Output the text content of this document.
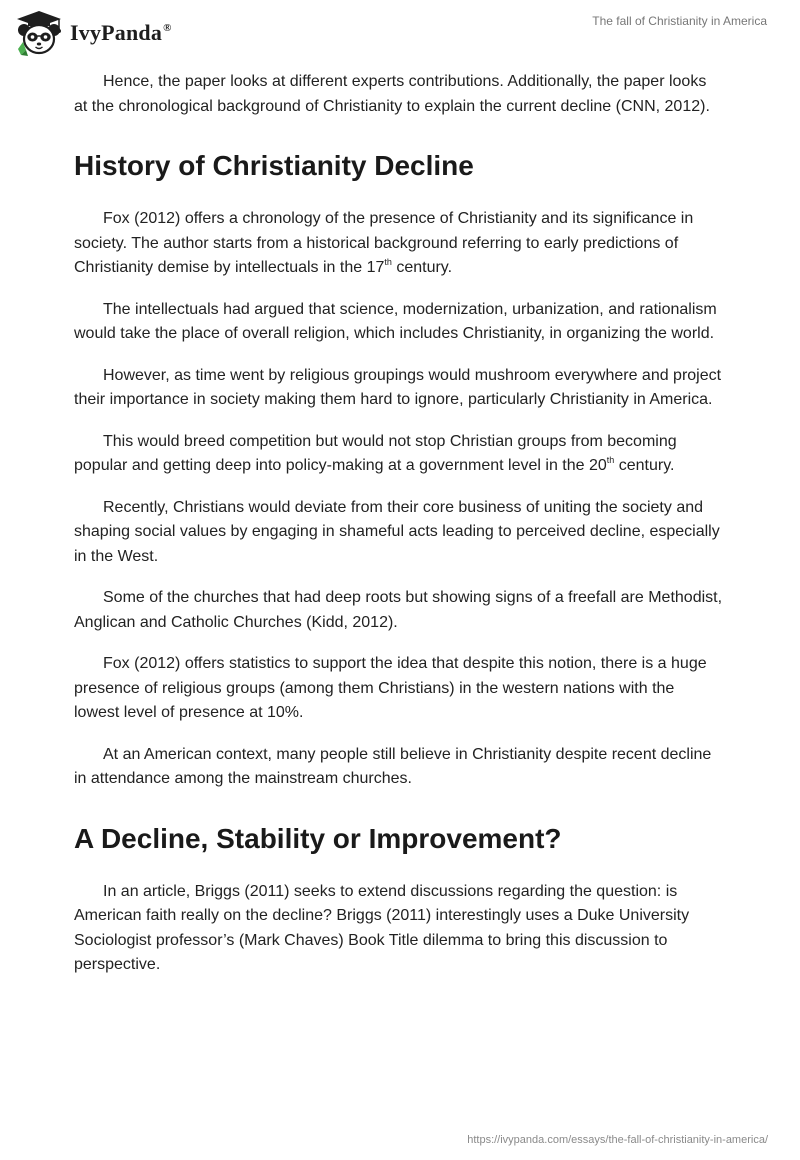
IvyPanda®	The fall of Christianity in America

Hence, the paper looks at different experts contributions. Additionally, the paper looks at the chronological background of Christianity to explain the current decline (CNN, 2012).

History of Christianity Decline

Fox (2012) offers a chronology of the presence of Christianity and its significance in society. The author starts from a historical background referring to early predictions of Christianity demise by intellectuals in the 17th century.

The intellectuals had argued that science, modernization, urbanization, and rationalism would take the place of overall religion, which includes Christianity, in organizing the world.

However, as time went by religious groupings would mushroom everywhere and project their importance in society making them hard to ignore, particularly Christianity in America.

This would breed competition but would not stop Christian groups from becoming popular and getting deep into policy-making at a government level in the 20th century.

Recently, Christians would deviate from their core business of uniting the society and shaping social values by engaging in shameful acts leading to perceived decline, especially in the West.

Some of the churches that had deep roots but showing signs of a freefall are Methodist, Anglican and Catholic Churches (Kidd, 2012).

Fox (2012) offers statistics to support the idea that despite this notion, there is a huge presence of religious groups (among them Christians) in the western nations with the lowest level of presence at 10%.

At an American context, many people still believe in Christianity despite recent decline in attendance among the mainstream churches.

A Decline, Stability or Improvement?

In an article, Briggs (2011) seeks to extend discussions regarding the question: is American faith really on the decline? Briggs (2011) interestingly uses a Duke University Sociologist professor’s (Mark Chaves) Book Title dilemma to bring this discussion to perspective.

https://ivypanda.com/essays/the-fall-of-christianity-in-america/
